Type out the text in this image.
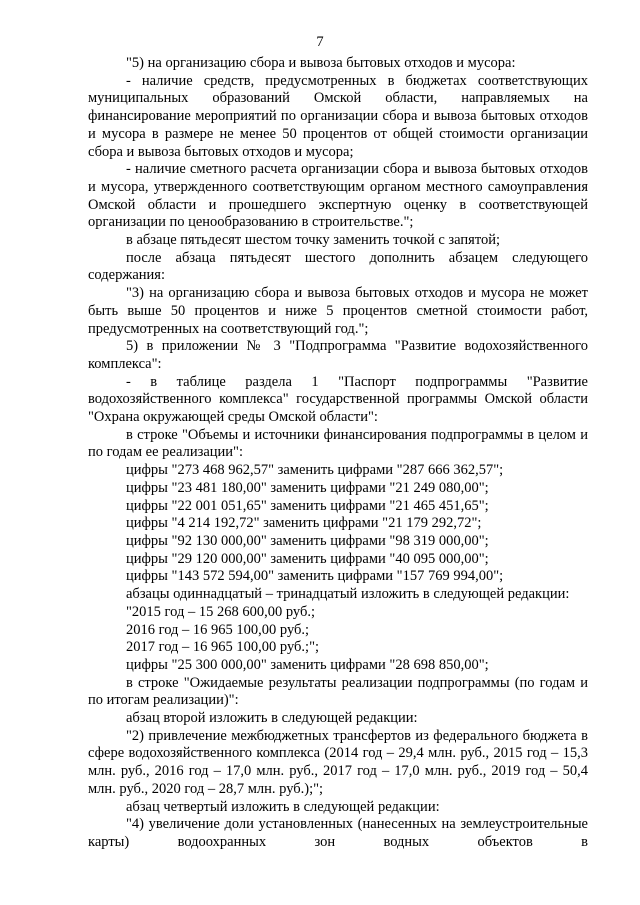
7

"5) на организацию сбора и вывоза бытовых отходов и мусора:

- наличие средств, предусмотренных в бюджетах соответствующих муниципальных образований Омской области, направляемых на финансирование мероприятий по организации сбора и вывоза бытовых отходов и мусора в размере не менее 50 процентов от общей стоимости организации сбора и вывоза бытовых отходов и мусора;

- наличие сметного расчета организации сбора и вывоза бытовых отходов и мусора, утвержденного соответствующим органом местного самоуправления Омской области и прошедшего экспертную оценку в соответствующей организации по ценообразованию в строительстве.";

в абзаце пятьдесят шестом точку заменить точкой с запятой;

после абзаца пятьдесят шестого дополнить абзацем следующего содержания:

"3) на организацию сбора и вывоза бытовых отходов и мусора не может быть выше 50 процентов и ниже 5 процентов сметной стоимости работ, предусмотренных на соответствующий год.";

5) в приложении № 3 "Подпрограмма "Развитие водохозяйственного комплекса":

- в таблице раздела 1 "Паспорт подпрограммы "Развитие водохозяйственного комплекса" государственной программы Омской области "Охрана окружающей среды Омской области":

в строке "Объемы и источники финансирования подпрограммы в целом и по годам ее реализации":

цифры "273 468 962,57" заменить цифрами "287 666 362,57";

цифры "23 481 180,00" заменить цифрами "21 249 080,00";

цифры "22 001 051,65" заменить цифрами "21 465 451,65";

цифры "4 214 192,72" заменить цифрами "21 179 292,72";

цифры "92 130 000,00" заменить цифрами "98 319 000,00";

цифры "29 120 000,00" заменить цифрами "40 095 000,00";

цифры "143 572 594,00" заменить цифрами "157 769 994,00";

абзацы одиннадцатый – тринадцатый изложить в следующей редакции:

"2015 год – 15 268 600,00 руб.;

2016 год – 16 965 100,00 руб.;

2017 год – 16 965 100,00 руб.;";

цифры "25 300 000,00" заменить цифрами "28 698 850,00";

в строке "Ожидаемые результаты реализации подпрограммы (по годам и по итогам реализации)":

абзац второй изложить в следующей редакции:

"2) привлечение межбюджетных трансфертов из федерального бюджета в сфере водохозяйственного комплекса (2014 год – 29,4 млн. руб., 2015 год – 15,3 млн. руб., 2016 год – 17,0 млн. руб., 2017 год – 17,0 млн. руб., 2019 год – 50,4 млн. руб., 2020 год – 28,7 млн. руб.);";

абзац четвертый изложить в следующей редакции:

"4) увеличение доли установленных (нанесенных на землеустроительные карты) водоохранных зон водных объектов в
